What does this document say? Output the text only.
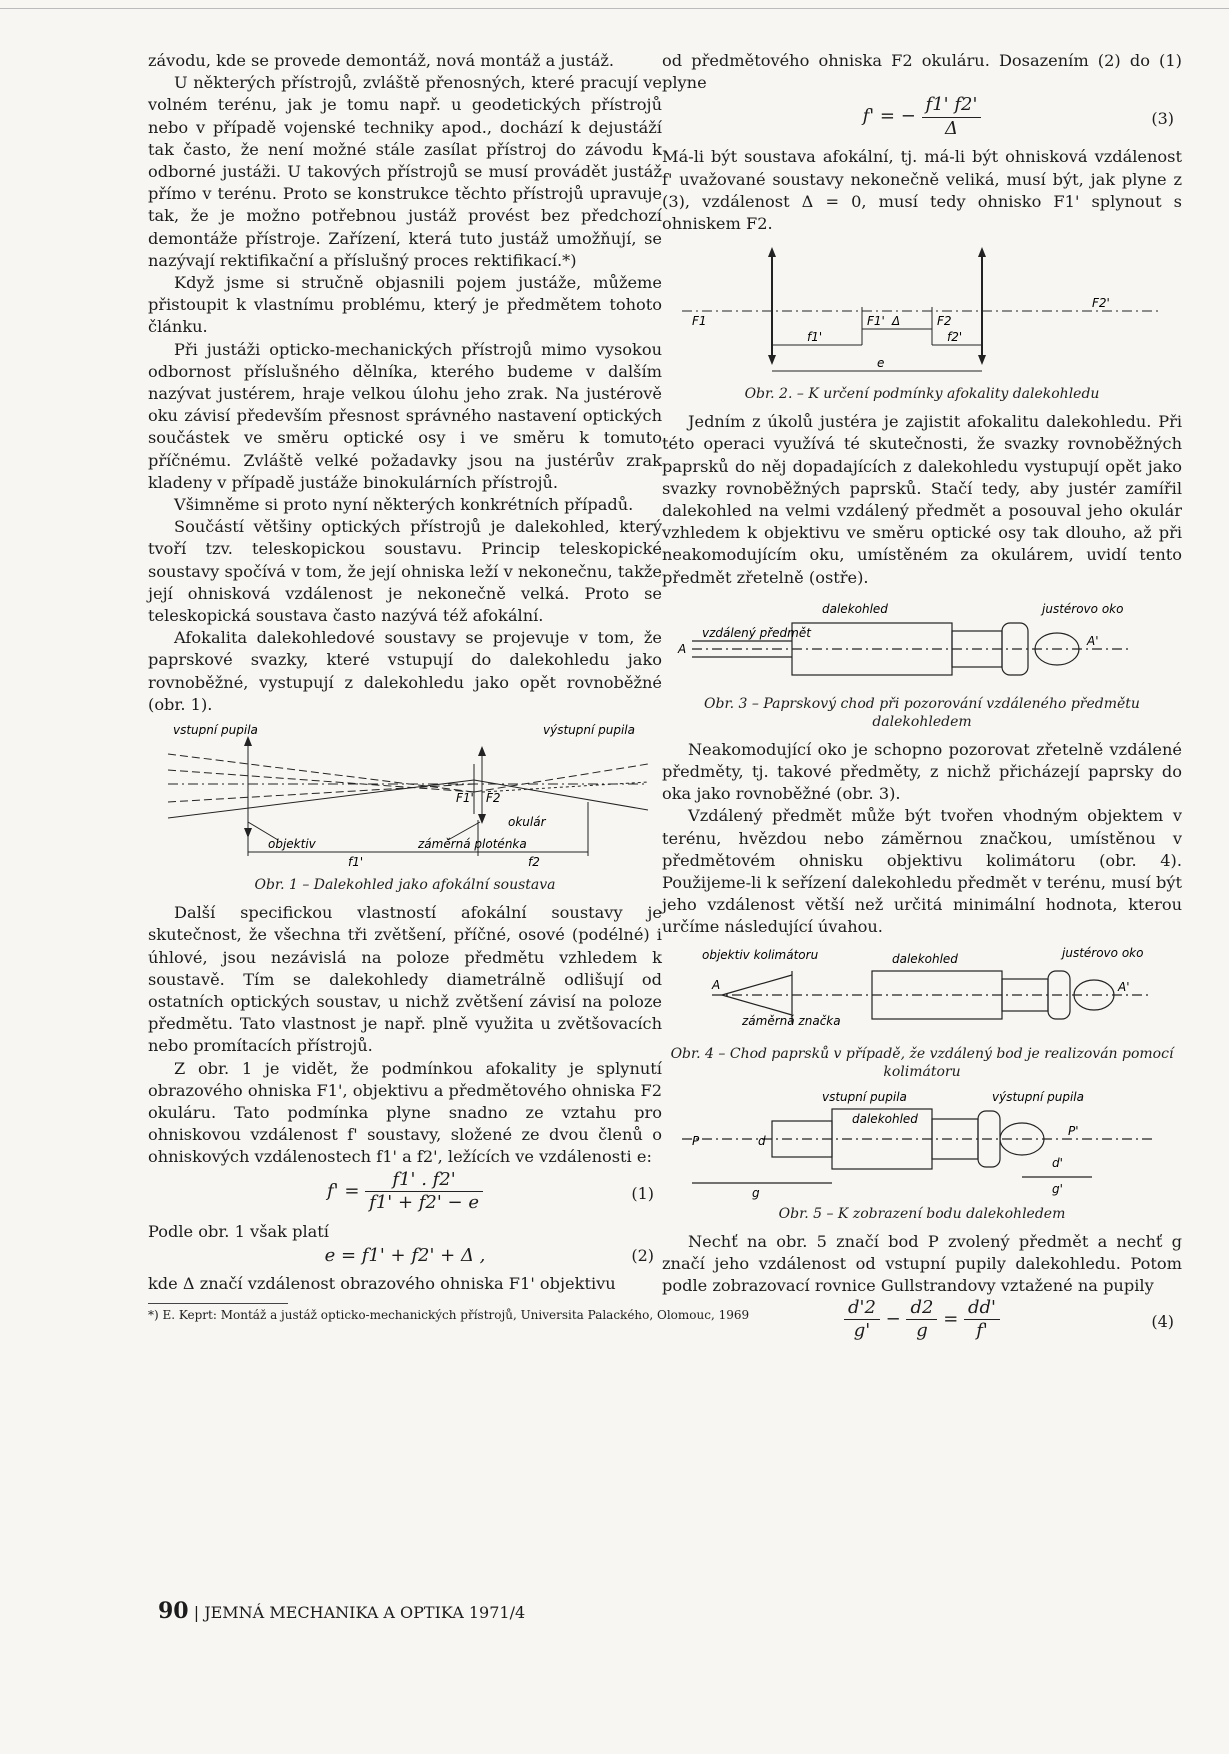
závodu, kde se provede demontáž, nová montáž a justáž.

U některých přístrojů, zvláště přenosných, které pracují ve volném terénu, jak je tomu např. u geodetických přístrojů nebo v případě vojenské techniky apod., dochází k dejustáží tak často, že není možné stále zasílat přístroj do závodu k odborné justáži. U takových přístrojů se musí provádět justáž přímo v terénu. Proto se konstrukce těchto přístrojů upravuje tak, že je možno potřebnou justáž provést bez předchozí demontáže přístroje. Zařízení, která tuto justáž umožňují, se nazývají rektifikační a příslušný proces rektifikací.*)

Když jsme si stručně objasnili pojem justáže, můžeme přistoupit k vlastnímu problému, který je předmětem tohoto článku.

Při justáži opticko-mechanických přístrojů mimo vysokou odbornost příslušného dělníka, kterého budeme v dalším nazývat justérem, hraje velkou úlohu jeho zrak. Na justérově oku závisí především přesnost správného nastavení optických součástek ve směru optické osy i ve směru k tomuto příčnému. Zvláště velké požadavky jsou na justérův zrak kladeny v případě justáže binokulárních přístrojů.

Všimněme si proto nyní některých konkrétních případů.

Součástí většiny optických přístrojů je dalekohled, který tvoří tzv. teleskopickou soustavu. Princip teleskopické soustavy spočívá v tom, že její ohniska leží v nekonečnu, takže její ohnisková vzdálenost je nekonečně velká. Proto se teleskopická soustava často nazývá též afokální.

Afokalita dalekohledové soustavy se projevuje v tom, že paprskové svazky, které vstupují do dalekohledu jako rovnoběžné, vystupují z dalekohledu jako opět rovnoběžné (obr. 1).

vstupní pupila	výstupní pupila
objektiv	záměrná ploténka
okulár
F1' F2
f1'	f2
Obr. 1 – Dalekohled jako afokální soustava

Další specifickou vlastností afokální soustavy je skutečnost, že všechna tři zvětšení, příčné, osové (podélné) i úhlové, jsou nezávislá na poloze předmětu vzhledem k soustavě. Tím se dalekohledy diametrálně odlišují od ostatních optických soustav, u nichž zvětšení závisí na poloze předmětu. Tato vlastnost je např. plně využita u zvětšovacích nebo promítacích přístrojů.

Z obr. 1 je vidět, že podmínkou afokality je splynutí obrazového ohniska F1', objektivu a předmětového ohniska F2 okuláru. Tato podmínka plyne snadno ze vztahu pro ohniskovou vzdálenost f' soustavy, složené ze dvou členů o ohniskových vzdálenostech f1' a f2', ležících ve vzdálenosti e:

$f' = \frac{f1' . f2'}{f1' + f2' - e}$	(1)

Podle obr. 1 však platí

e = f1' + f2' + Δ ,	(2)

kde Δ značí vzdálenost obrazového ohniska F1' objektivu

*) E. Keprt: Montáž a justáž opticko-mechanických přístrojů, Universita Palackého, Olomouc, 1969

od předmětového ohniska F2 okuláru. Dosazením (2) do (1) plyne

f' = − $\frac{f1' f2'}{\Delta}$	(3)

Má-li být soustava afokální, tj. má-li být ohnisková vzdálenost f' uvažované soustavy nekonečně veliká, musí být, jak plyne z (3), vzdálenost Δ = 0, musí tedy ohnisko F1' splynout s ohniskem F2.

F1	F1' Δ	F2
F2'
f1'	f2'
e
Obr. 2. – K určení podmínky afokality dalekohledu

Jedním z úkolů justéra je zajistit afokalitu dalekohledu. Při této operaci využívá té skutečnosti, že svazky rovnoběžných paprsků do něj dopadajících z dalekohledu vystupují opět jako svazky rovnoběžných paprsků. Stačí tedy, aby justér zamířil dalekohled na velmi vzdálený předmět a posouval jeho okulár vzhledem k objektivu ve směru optické osy tak dlouho, až při neakomodujícím oku, umístěném za okulárem, uvidí tento předmět zřetelně (ostře).

dalekohled	justérovo oko
A
vzdálený předmět
A'
Obr. 3 – Paprskový chod při pozorování vzdáleného předmětu dalekohledem

Neakomodující oko je schopno pozorovat zřetelně vzdálené předměty, tj. takové předměty, z nichž přicházejí paprsky do oka jako rovnoběžné (obr. 3).

Vzdálený předmět může být tvořen vhodným objektem v terénu, hvězdou nebo záměrnou značkou, umístěnou v předmětovém ohnisku objektivu kolimátoru (obr. 4). Použijeme-li k seřízení dalekohledu předmět v terénu, musí být jeho vzdálenost větší než určitá minimální hodnota, kterou určíme následující úvahou.

objektiv kolimátoru	dalekohled	justérovo oko
A	A'
záměrná značka
Obr. 4 – Chod paprsků v případě, že vzdálený bod je realizován pomocí kolimátoru
vstupní pupila	výstupní pupila
dalekohled
P
P'
d
d'
g	g'
Obr. 5 – K zobrazení bodu dalekohledem

Nechť na obr. 5 značí bod P zvolený předmět a nechť g značí jeho vzdálenost od vstupní pupily dalekohledu. Potom podle zobrazovací rovnice Gullstrandovy vztažené na pupily

$\frac{d'2}{g'} - \frac{d2}{g} = \frac{dd'}{f'}$	(4)
90 | JEMNÁ MECHANIKA A OPTIKA 1971/4
